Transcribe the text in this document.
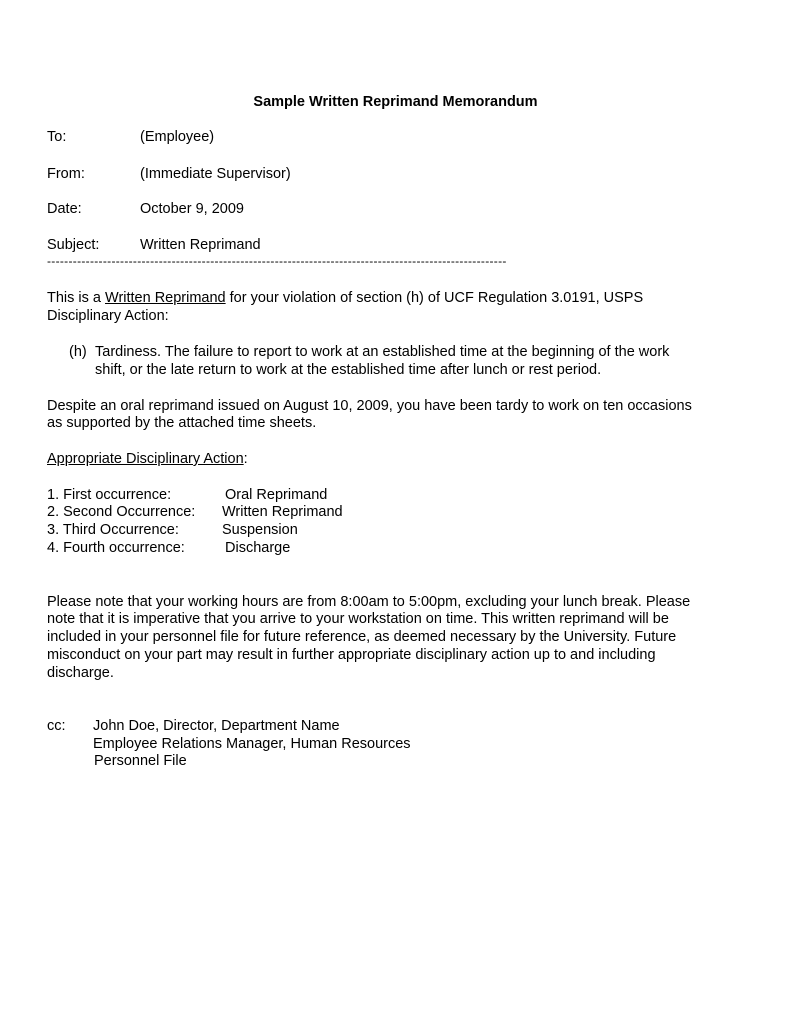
Sample Written Reprimand Memorandum
To:	(Employee)
From:	(Immediate Supervisor)
Date:	October 9, 2009
Subject:	Written Reprimand
-----------------------------------------------------------------------------------------------------------
This is a Written Reprimand for your violation of section (h) of UCF Regulation 3.0191, USPS
Disciplinary Action:
(h) Tardiness. The failure to report to work at an established time at the beginning of the work
shift, or the late return to work at the established time after lunch or rest period.
Despite an oral reprimand issued on August 10, 2009, you have been tardy to work on ten occasions
as supported by the attached time sheets.
Appropriate Disciplinary Action:
1. First occurrence:	Oral Reprimand
2. Second Occurrence: Written Reprimand
3. Third Occurrence:	Suspension
4. Fourth occurrence:	Discharge
Please note that your working hours are from 8:00am to 5:00pm, excluding your lunch break. Please
note that it is imperative that you arrive to your workstation on time. This written reprimand will be
included in your personnel file for future reference, as deemed necessary by the University. Future
misconduct on your part may result in further appropriate disciplinary action up to and including
discharge.
cc: John Doe, Director, Department Name
Employee Relations Manager, Human Resources
Personnel File
